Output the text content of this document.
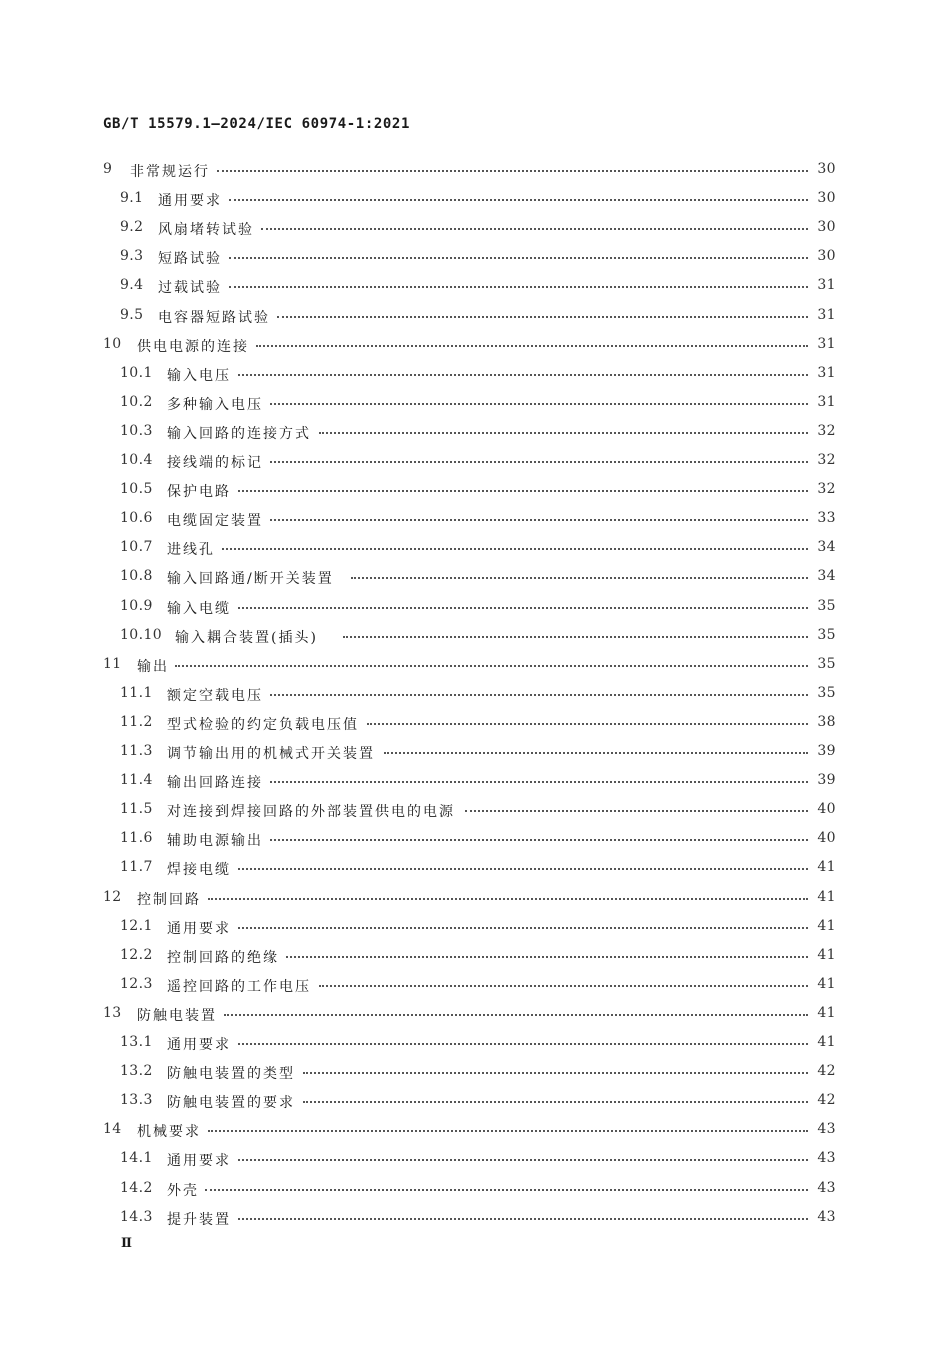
GB/T 15579.1—2024/IEC 60974-1:2021
9 非常规运行	30
9.1 通用要求	30
9.2 风扇堵转试验	30
9.3 短路试验	30
9.4 过载试验	31
9.5 电容器短路试验	31
10 供电电源的连接	31
10.1 输入电压	31
10.2 多种输入电压	31
10.3 输入回路的连接方式	32
10.4 接线端的标记	32
10.5 保护电路	32
10.6 电缆固定装置	33
10.7 进线孔	34
10.8 输入回路通/断开关装置	34
10.9 输入电缆	35
10.10 输入耦合装置(插头)	35
11 输出	35
11.1 额定空载电压	35
11.2 型式检验的约定负载电压值	38
11.3 调节输出用的机械式开关装置	39
11.4 输出回路连接	39
11.5 对连接到焊接回路的外部装置供电的电源	40
11.6 辅助电源输出	40
11.7 焊接电缆	41
12 控制回路	41
12.1 通用要求	41
12.2 控制回路的绝缘	41
12.3 遥控回路的工作电压	41
13 防触电装置	41
13.1 通用要求	41
13.2 防触电装置的类型	42
13.3 防触电装置的要求	42
14 机械要求	43
14.1 通用要求	43
14.2 外壳	43
14.3 提升装置	43
Ⅱ
